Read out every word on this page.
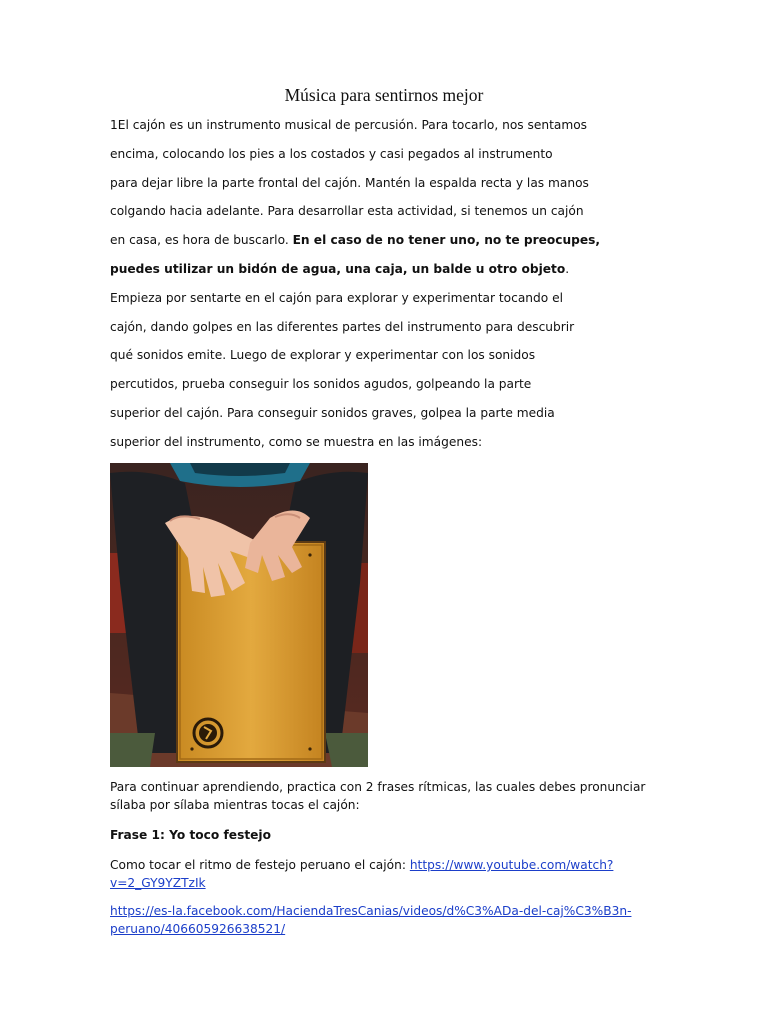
Música para sentirnos mejor
1El cajón es un instrumento musical de percusión. Para tocarlo, nos sentamos
encima, colocando los pies a los costados y casi pegados al instrumento
para dejar libre la parte frontal del cajón. Mantén la espalda recta y las manos
colgando hacia adelante. Para desarrollar esta actividad, si tenemos un cajón
en casa, es hora de buscarlo. En el caso de no tener uno, no te preocupes,
puedes utilizar un bidón de agua, una caja, un balde u otro objeto.
Empieza por sentarte en el cajón para explorar y experimentar tocando el
cajón, dando golpes en las diferentes partes del instrumento para descubrir
qué sonidos emite. Luego de explorar y experimentar con los sonidos
percutidos, prueba conseguir los sonidos agudos, golpeando la parte
superior del cajón. Para conseguir sonidos graves, golpea la parte media
superior del instrumento, como se muestra en las imágenes:
Para continuar aprendiendo, practica con 2 frases rítmicas, las cuales debes pronunciar
sílaba por sílaba mientras tocas el cajón:
Frase 1: Yo toco festejo
Como tocar el ritmo de festejo peruano el cajón: https://www.youtube.com/watch?
v=2_GY9YZTzIk
https://es-la.facebook.com/HaciendaTresCanias/videos/d%C3%ADa-del-caj%C3%B3n-
peruano/406605926638521/
